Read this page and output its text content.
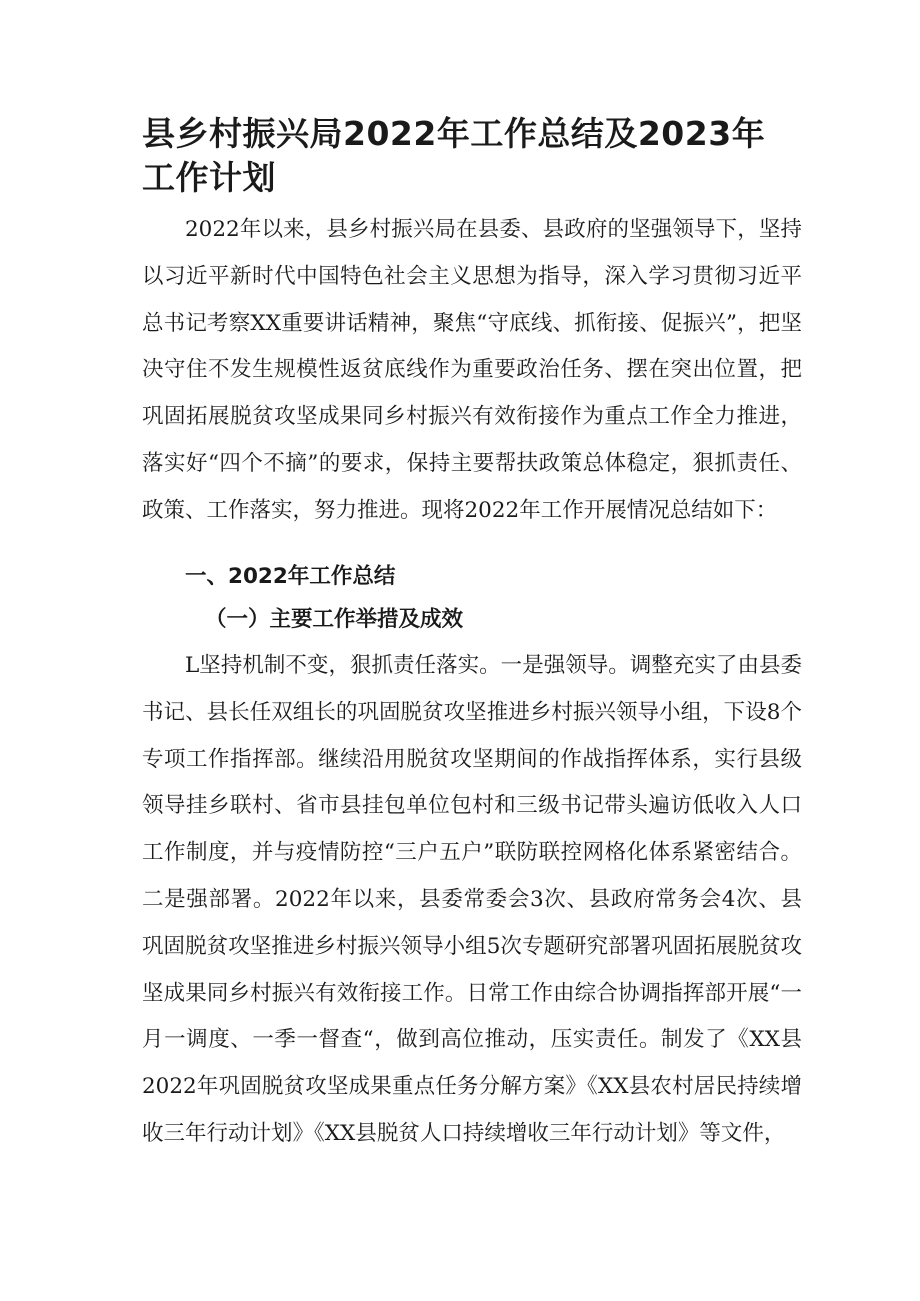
县乡村振兴局2022年工作总结及2023年工作计划

2022年以来，县乡村振兴局在县委、县政府的坚强领导下，坚持以习近平新时代中国特色社会主义思想为指导，深入学习贯彻习近平总书记考察XX重要讲话精神，聚焦“守底线、抓衔接、促振兴”，把坚决守住不发生规模性返贫底线作为重要政治任务、摆在突出位置，把巩固拓展脱贫攻坚成果同乡村振兴有效衔接作为重点工作全力推进，落实好“四个不摘”的要求，保持主要帮扶政策总体稳定，狠抓责任、政策、工作落实，努力推进。现将2022年工作开展情况总结如下：

一、2022年工作总结
（一）主要工作举措及成效

L坚持机制不变，狠抓责任落实。一是强领导。调整充实了由县委书记、县长任双组长的巩固脱贫攻坚推进乡村振兴领导小组，下设8个专项工作指挥部。继续沿用脱贫攻坚期间的作战指挥体系，实行县级领导挂乡联村、省市县挂包单位包村和三级书记带头遍访低收入人口工作制度，并与疫情防控“三户五户”联防联控网格化体系紧密结合。二是强部署。2022年以来，县委常委会3次、县政府常务会4次、县巩固脱贫攻坚推进乡村振兴领导小组5次专题研究部署巩固拓展脱贫攻坚成果同乡村振兴有效衔接工作。日常工作由综合协调指挥部开展“一月一调度、一季一督查“，做到高位推动，压实责任。制发了《XX县2022年巩固脱贫攻坚成果重点任务分解方案》《XX县农村居民持续增收三年行动计划》《XX县脱贫人口持续增收三年行动计划》等文件，
